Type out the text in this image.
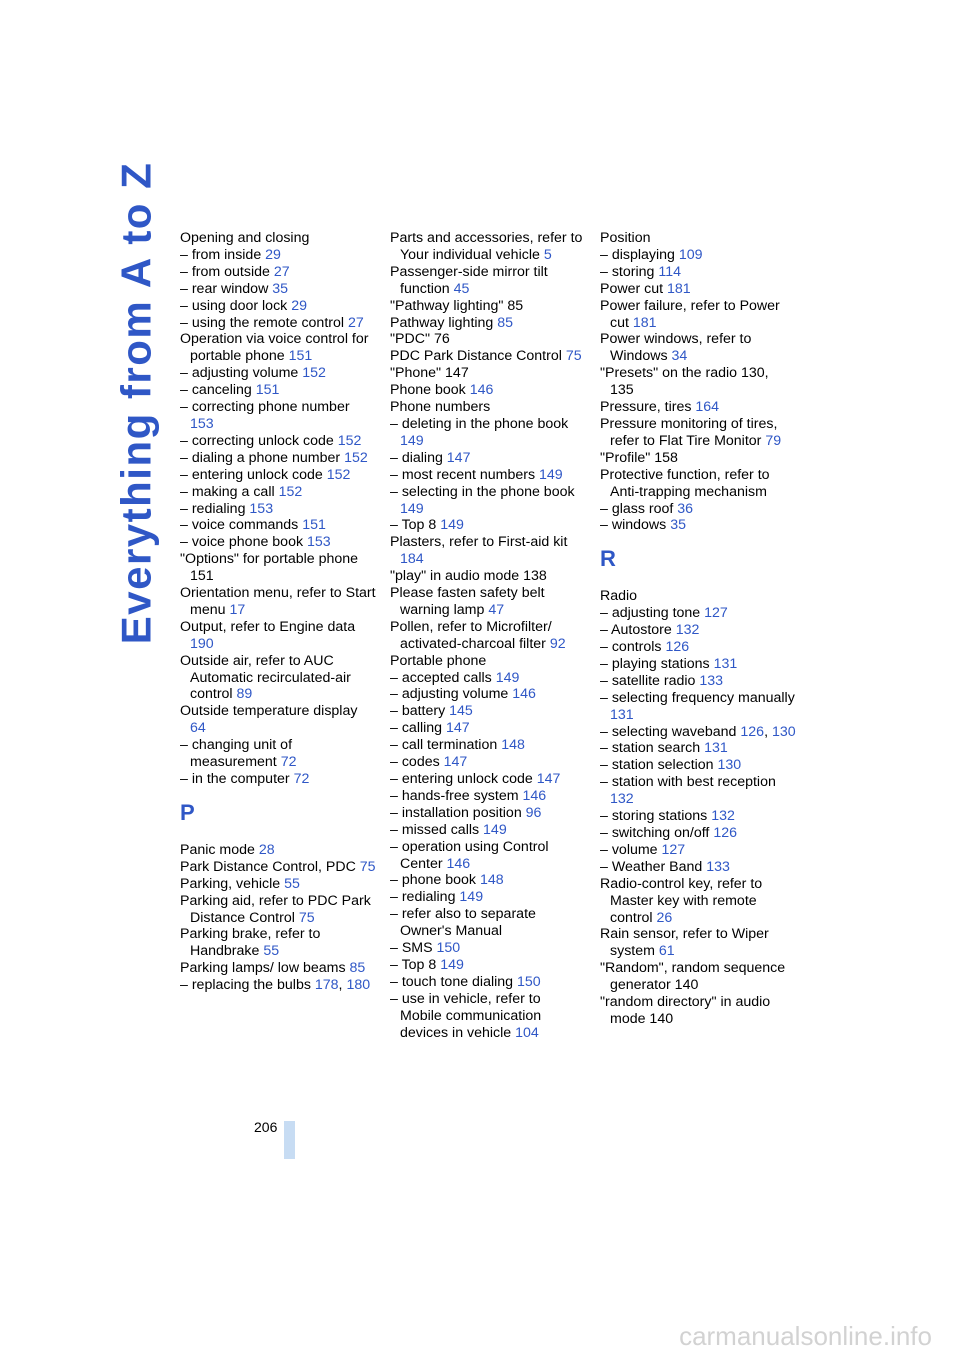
Everything from A to Z Opening and closing
– from inside 29
– from outside 27
– rear window 35
– using door lock 29
– using the remote control 27
Operation via voice control for portable phone 151
– adjusting volume 152
– canceling 151
– correcting phone number 153
– correcting unlock code 152
– dialing a phone number 152
– entering unlock code 152
– making a call 152
– redialing 153
– voice commands 151
– voice phone book 153
"Options" for portable phone 151
Orientation menu, refer to Start menu 17
Output, refer to Engine data 190
Outside air, refer to AUC Automatic recirculated-air control 89
Outside temperature display 64
– changing unit of measurement 72
– in the computer 72
P
Panic mode 28
Park Distance Control, PDC 75
Parking, vehicle 55
Parking aid, refer to PDC Park Distance Control 75
Parking brake, refer to Handbrake 55
Parking lamps/ low beams 85
– replacing the bulbs 178, 180
Parts and accessories, refer to Your individual vehicle 5
Passenger-side mirror tilt function 45
"Pathway lighting" 85
Pathway lighting 85
"PDC" 76
PDC Park Distance Control 75
"Phone" 147
Phone book 146
Phone numbers
– deleting in the phone book 149
– dialing 147
– most recent numbers 149
– selecting in the phone book 149
– Top 8 149
Plasters, refer to First-aid kit 184
"play" in audio mode 138
Please fasten safety belt warning lamp 47
Pollen, refer to Microfilter/ activated-charcoal filter 92
Portable phone
– accepted calls 149
– adjusting volume 146
– battery 145
– calling 147
– call termination 148
– codes 147
– entering unlock code 147
– hands-free system 146
– installation position 96
– missed calls 149
– operation using Control Center 146
– phone book 148
– redialing 149
– refer also to separate Owner's Manual
– SMS 150
– Top 8 149
– touch tone dialing 150
– use in vehicle, refer to Mobile communication devices in vehicle 104
Position
– displaying 109
– storing 114
Power cut 181
Power failure, refer to Power cut 181
Power windows, refer to Windows 34
"Presets" on the radio 130, 135
Pressure, tires 164
Pressure monitoring of tires, refer to Flat Tire Monitor 79
"Profile" 158
Protective function, refer to Anti-trapping mechanism
– glass roof 36
– windows 35
R
Radio
– adjusting tone 127
– Autostore 132
– controls 126
– playing stations 131
– satellite radio 133
– selecting frequency manually 131
– selecting waveband 126, 130
– station search 131
– station selection 130
– station with best reception 132
– storing stations 132
– switching on/off 126
– volume 127
– Weather Band 133
Radio-control key, refer to Master key with remote control 26
Rain sensor, refer to Wiper system 61
"Random", random sequence generator 140
"random directory" in audio mode 140
206
carmanualsonline.info
